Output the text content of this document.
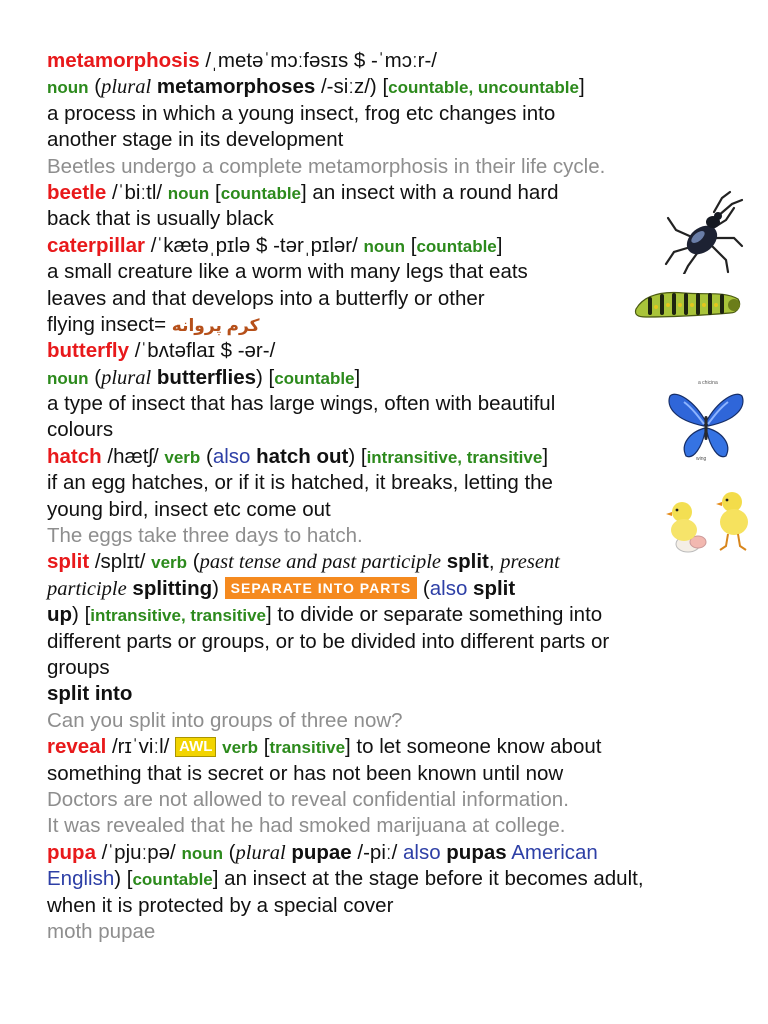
metamorphosis /ˌmetəˈmɔːfəsɪs $ -ˈmɔːr-/
noun (plural metamorphoses /-siːz/) [countable, uncountable]
a process in which a young insect, frog etc changes into
another stage in its development
Beetles undergo a complete metamorphosis in their life cycle.
beetle /ˈbiːtl/ noun [countable] an insect with a round hard
back that is usually black
caterpillar /ˈkætəˌpɪlə $ -tərˌpɪlər/ noun [countable]
a small creature like a worm with many legs that eats
leaves and that develops into a butterfly or other
flying insect= کرم پروانه
butterfly /ˈbʌtəflaɪ $ -ər-/
noun (plural butterflies) [countable]
a type of insect that has large wings, often with beautiful
colours
hatch /hætʃ/ verb (also hatch out) [intransitive, transitive]
if an egg hatches, or if it is hatched, it breaks, letting the
young bird, insect etc come out
The eggs take three days to hatch.
split /splɪt/ verb (past tense and past participle split, present
participle splitting) SEPARATE INTO PARTS (also split
up) [intransitive, transitive] to divide or separate something into
different parts or groups, or to be divided into different parts or
groups
split into
Can you split into groups of three now?
reveal /rɪˈviːl/ AWL verb [transitive] to let someone know about
something that is secret or has not been known until now
Doctors are not allowed to reveal confidential information.
It was revealed that he had smoked marijuana at college.
pupa /ˈpjuːpə/ noun (plural pupae /-piː/ also pupas American
English) [countable] an insect at the stage before it becomes adult,
when it is protected by a special cover
moth pupae
a chicina
wing
